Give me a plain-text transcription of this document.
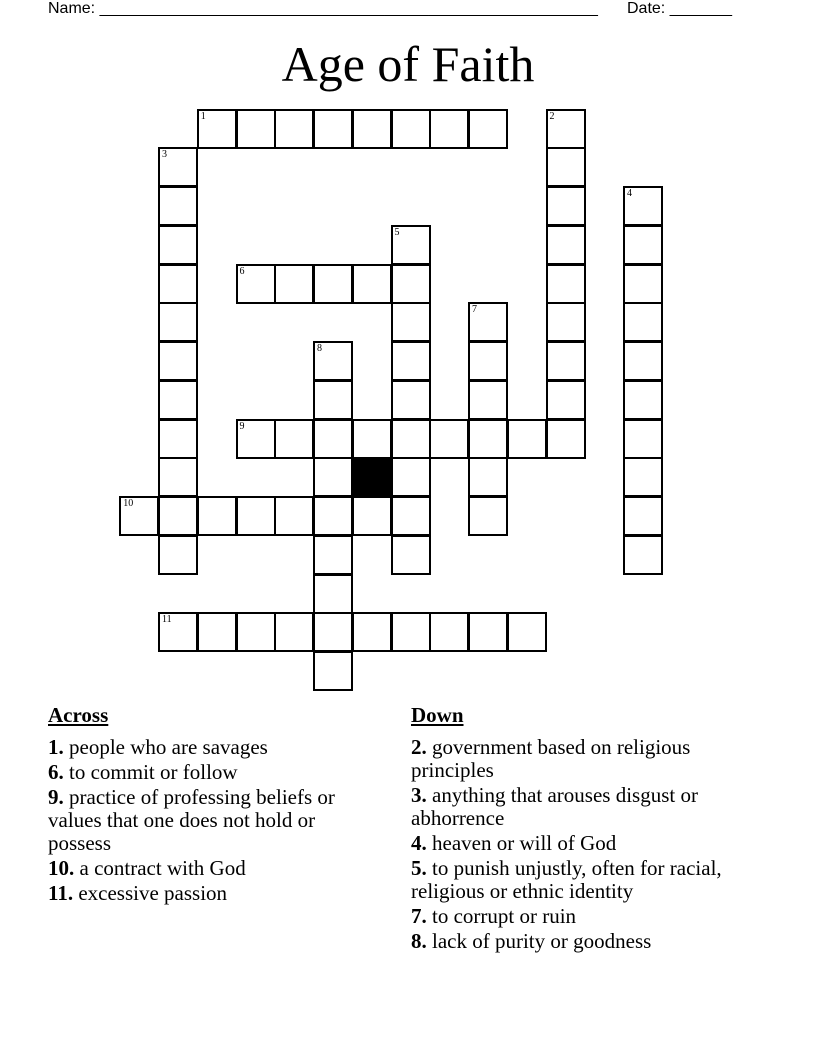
Name: ________________________________________________________ Date: _______
Age of Faith
1	2
3
4
5
6
7
8
9
10
11
Across
1. people who are savages
6. to commit or follow
9. practice of professing beliefs or values that one does not hold or possess
10. a contract with God
11. excessive passion
Down
2. government based on religious principles
3. anything that arouses disgust or abhorrence
4. heaven or will of God
5. to punish unjustly, often for racial, religious or ethnic identity
7. to corrupt or ruin
8. lack of purity or goodness
